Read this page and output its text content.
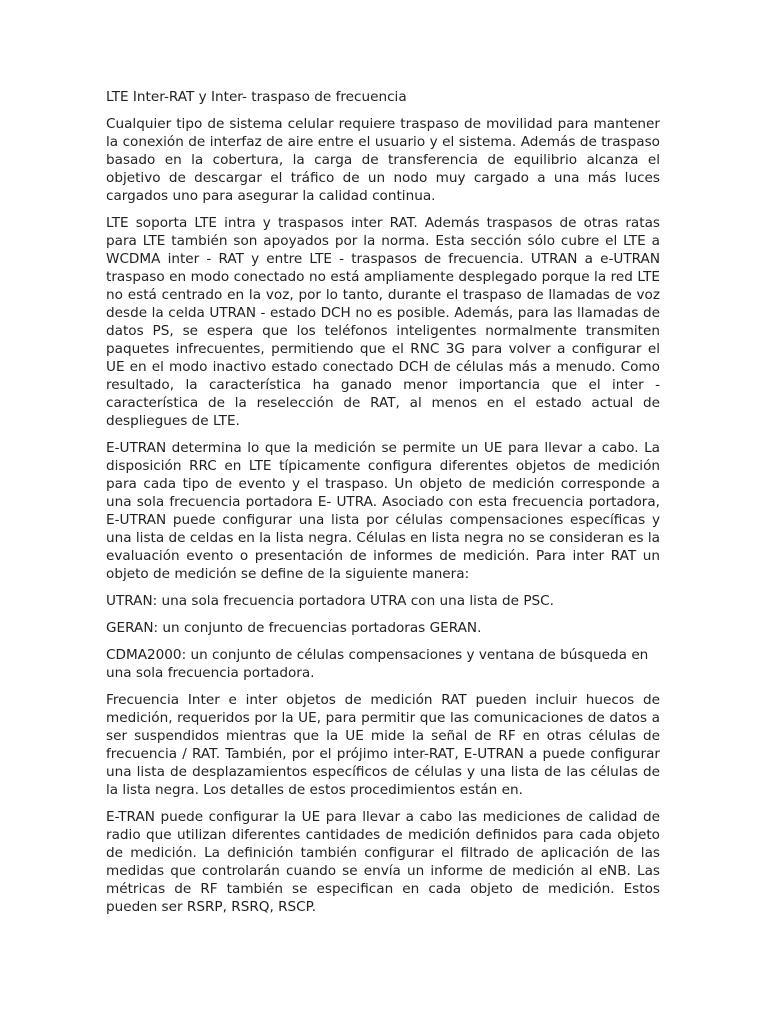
LTE Inter-RAT y Inter- traspaso de frecuencia

Cualquier tipo de sistema celular requiere traspaso de movilidad para mantener la conexión de interfaz de aire entre el usuario y el sistema. Además de traspaso basado en la cobertura, la carga de transferencia de equilibrio alcanza el objetivo de descargar el tráfico de un nodo muy cargado a una más luces cargados uno para asegurar la calidad continua.

LTE soporta LTE intra y traspasos inter RAT. Además traspasos de otras ratas para LTE también son apoyados por la norma. Esta sección sólo cubre el LTE a WCDMA inter - RAT y entre LTE - traspasos de frecuencia. UTRAN a e-UTRAN traspaso en modo conectado no está ampliamente desplegado porque la red LTE no está centrado en la voz, por lo tanto, durante el traspaso de llamadas de voz desde la celda UTRAN - estado DCH no es posible. Además, para las llamadas de datos PS, se espera que los teléfonos inteligentes normalmente transmiten paquetes infrecuentes, permitiendo que el RNC 3G para volver a configurar el UE en el modo inactivo estado conectado DCH de células más a menudo. Como resultado, la característica ha ganado menor importancia que el inter - característica de la reselección de RAT, al menos en el estado actual de despliegues de LTE.

E-UTRAN determina lo que la medición se permite un UE para llevar a cabo. La disposición RRC en LTE típicamente configura diferentes objetos de medición para cada tipo de evento y el traspaso. Un objeto de medición corresponde a una sola frecuencia portadora E- UTRA. Asociado con esta frecuencia portadora, E-UTRAN puede configurar una lista por células compensaciones específicas y una lista de celdas en la lista negra. Células en lista negra no se consideran es la evaluación evento o presentación de informes de medición. Para inter RAT un objeto de medición se define de la siguiente manera:

UTRAN: una sola frecuencia portadora UTRA con una lista de PSC.

GERAN: un conjunto de frecuencias portadoras GERAN.

CDMA2000: un conjunto de células compensaciones y ventana de búsqueda en una sola frecuencia portadora.

Frecuencia Inter e inter objetos de medición RAT pueden incluir huecos de medición, requeridos por la UE, para permitir que las comunicaciones de datos a ser suspendidos mientras que la UE mide la señal de RF en otras células de frecuencia / RAT. También, por el prójimo inter-RAT, E-UTRAN a puede configurar una lista de desplazamientos específicos de células y una lista de las células de la lista negra. Los detalles de estos procedimientos están en.

E-TRAN puede configurar la UE para llevar a cabo las mediciones de calidad de radio que utilizan diferentes cantidades de medición definidos para cada objeto de medición. La definición también configurar el filtrado de aplicación de las medidas que controlarán cuando se envía un informe de medición al eNB. Las métricas de RF también se especifican en cada objeto de medición. Estos pueden ser RSRP, RSRQ, RSCP.
